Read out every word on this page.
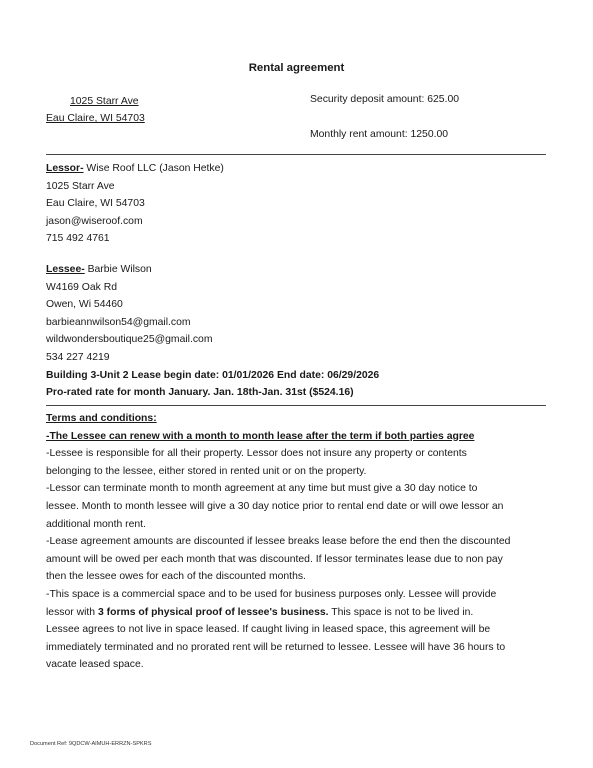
Rental agreement
1025 Starr Ave
Eau Claire, WI 54703
Security deposit amount: 625.00
Monthly rent amount: 1250.00
Lessor- Wise Roof LLC (Jason Hetke)
1025 Starr Ave
Eau Claire, WI 54703
jason@wiseroof.com
715 492 4761
Lessee- Barbie Wilson
W4169 Oak Rd
Owen, Wi 54460
barbieannwilson54@gmail.com
wildwondersboutique25@gmail.com
534 227 4219
Building 3-Unit 2 Lease begin date: 01/01/2026 End date: 06/29/2026
Pro-rated rate for month January. Jan. 18th-Jan. 31st ($524.16)
Terms and conditions:
-The Lessee can renew with a month to month lease after the term if both parties agree
-Lessee is responsible for all their property. Lessor does not insure any property or contents
belonging to the lessee, either stored in rented unit or on the property.
-Lessor can terminate month to month agreement at any time but must give a 30 day notice to
lessee. Month to month lessee will give a 30 day notice prior to rental end date or will owe lessor an
additional month rent.
-Lease agreement amounts are discounted if lessee breaks lease before the end then the discounted
amount will be owed per each month that was discounted. If lessor terminates lease due to non pay
then the lessee owes for each of the discounted months.
-This space is a commercial space and to be used for business purposes only. Lessee will provide
lessor with 3 forms of physical proof of lessee's business. This space is not to be lived in.
Lessee agrees to not live in space leased. If caught living in leased space, this agreement will be
immediately terminated and no prorated rent will be returned to lessee. Lessee will have 36 hours to
vacate leased space.
Document Ref: 9QDCW-AIMUH-ERRZN-SPKRS
